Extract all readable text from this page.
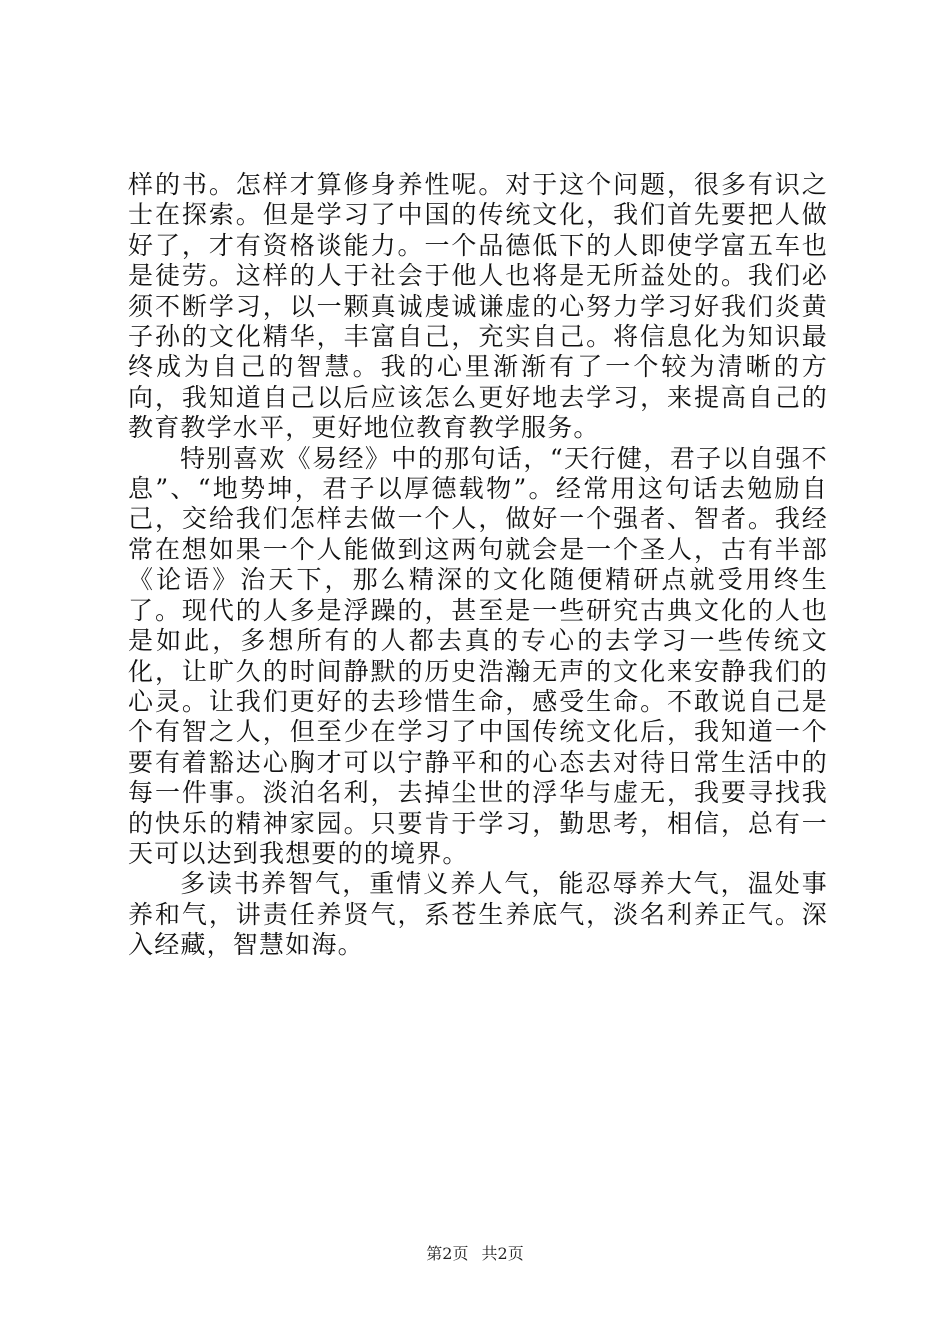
样的书。怎样才算修身养性呢。对于这个问题，很多有识之士在探索。但是学习了中国的传统文化，我们首先要把人做好了，才有资格谈能力。一个品德低下的人即使学富五车也是徒劳。这样的人于社会于他人也将是无所益处的。我们必须不断学习，以一颗真诚虔诚谦虚的心努力学习好我们炎黄子孙的文化精华，丰富自己，充实自己。将信息化为知识最终成为自己的智慧。我的心里渐渐有了一个较为清晰的方向，我知道自己以后应该怎么更好地去学习，来提高自己的教育教学水平，更好地位教育教学服务。

特别喜欢《易经》中的那句话，“天行健，君子以自强不息”、“地势坤，君子以厚德载物”。经常用这句话去勉励自己，交给我们怎样去做一个人，做好一个强者、智者。我经常在想如果一个人能做到这两句就会是一个圣人，古有半部《论语》治天下，那么精深的文化随便精研点就受用终生了。现代的人多是浮躁的，甚至是一些研究古典文化的人也是如此，多想所有的人都去真的专心的去学习一些传统文化，让旷久的时间静默的历史浩瀚无声的文化来安静我们的心灵。让我们更好的去珍惜生命，感受生命。不敢说自己是个有智之人，但至少在学习了中国传统文化后，我知道一个要有着豁达心胸才可以宁静平和的心态去对待日常生活中的每一件事。淡泊名利，去掉尘世的浮华与虚无，我要寻找我的快乐的精神家园。只要肯于学习，勤思考，相信，总有一天可以达到我想要的的境界。

多读书养智气，重情义养人气，能忍辱养大气，温处事养和气，讲责任养贤气，系苍生养底气，淡名利养正气。深入经藏，智慧如海。

第2页 共2页
